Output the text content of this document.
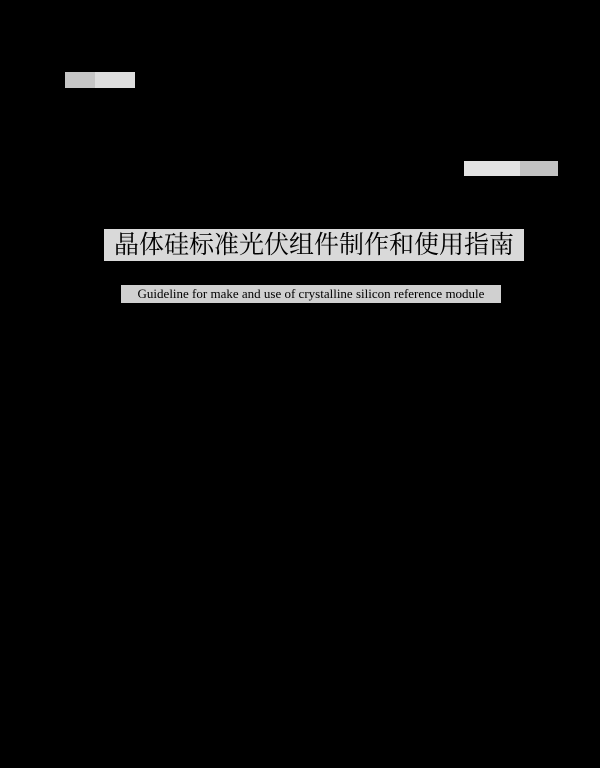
晶体硅标准光伏组件制作和使用指南
Guideline for make and use of crystalline silicon reference module
